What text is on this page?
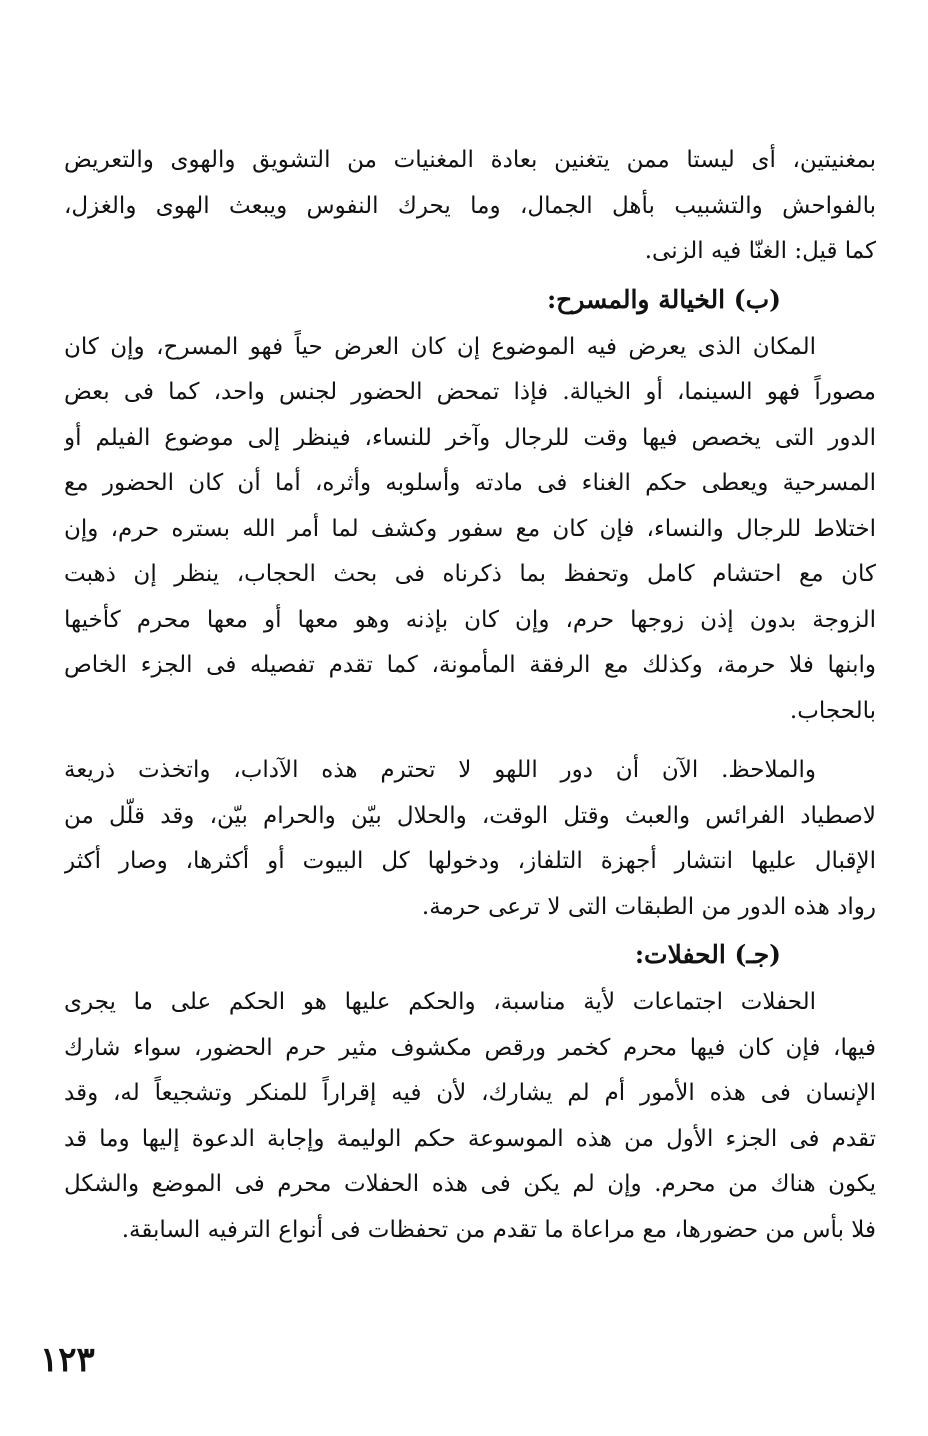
بمغنيتين، أى ليستا ممن يتغنين بعادة المغنيات من التشويق والهوى والتعريض
بالفواحش والتشبيب بأهل الجمال، وما يحرك النفوس ويبعث الهوى والغزل،
كما قيل: الغنّا فيه الزنى.
(ب) الخيالة والمسرح:
المكان الذى يعرض فيه الموضوع إن كان العرض حياً فهو المسرح، وإن كان
مصوراً فهو السينما، أو الخيالة. فإذا تمحض الحضور لجنس واحد، كما فى بعض
الدور التى يخصص فيها وقت للرجال وآخر للنساء، فينظر إلى موضوع الفيلم أو
المسرحية ويعطى حكم الغناء فى مادته وأسلوبه وأثره، أما أن كان الحضور مع
اختلاط للرجال والنساء، فإن كان مع سفور وكشف لما أمر الله بستره حرم، وإن
كان مع احتشام كامل وتحفظ بما ذكرناه فى بحث الحجاب، ينظر إن ذهبت
الزوجة بدون إذن زوجها حرم، وإن كان بإذنه وهو معها أو معها محرم كأخيها
وابنها فلا حرمة، وكذلك مع الرفقة المأمونة، كما تقدم تفصيله فى الجزء الخاص
بالحجاب.
والملاحظ. الآن أن دور اللهو لا تحترم هذه الآداب، واتخذت ذريعة
لاصطياد الفرائس والعبث وقتل الوقت، والحلال بيّن والحرام بيّن، وقد قلّل من
الإقبال عليها انتشار أجهزة التلفاز، ودخولها كل البيوت أو أكثرها، وصار أكثر
رواد هذه الدور من الطبقات التى لا ترعى حرمة.
(جـ) الحفلات:
الحفلات اجتماعات لأية مناسبة، والحكم عليها هو الحكم على ما يجرى
فيها، فإن كان فيها محرم كخمر ورقص مكشوف مثير حرم الحضور، سواء شارك
الإنسان فى هذه الأمور أم لم يشارك، لأن فيه إقراراً للمنكر وتشجيعاً له، وقد
تقدم فى الجزء الأول من هذه الموسوعة حكم الوليمة وإجابة الدعوة إليها وما قد
يكون هناك من محرم. وإن لم يكن فى هذه الحفلات محرم فى الموضع والشكل
فلا بأس من حضورها، مع مراعاة ما تقدم من تحفظات فى أنواع الترفيه السابقة.
١٢٣
